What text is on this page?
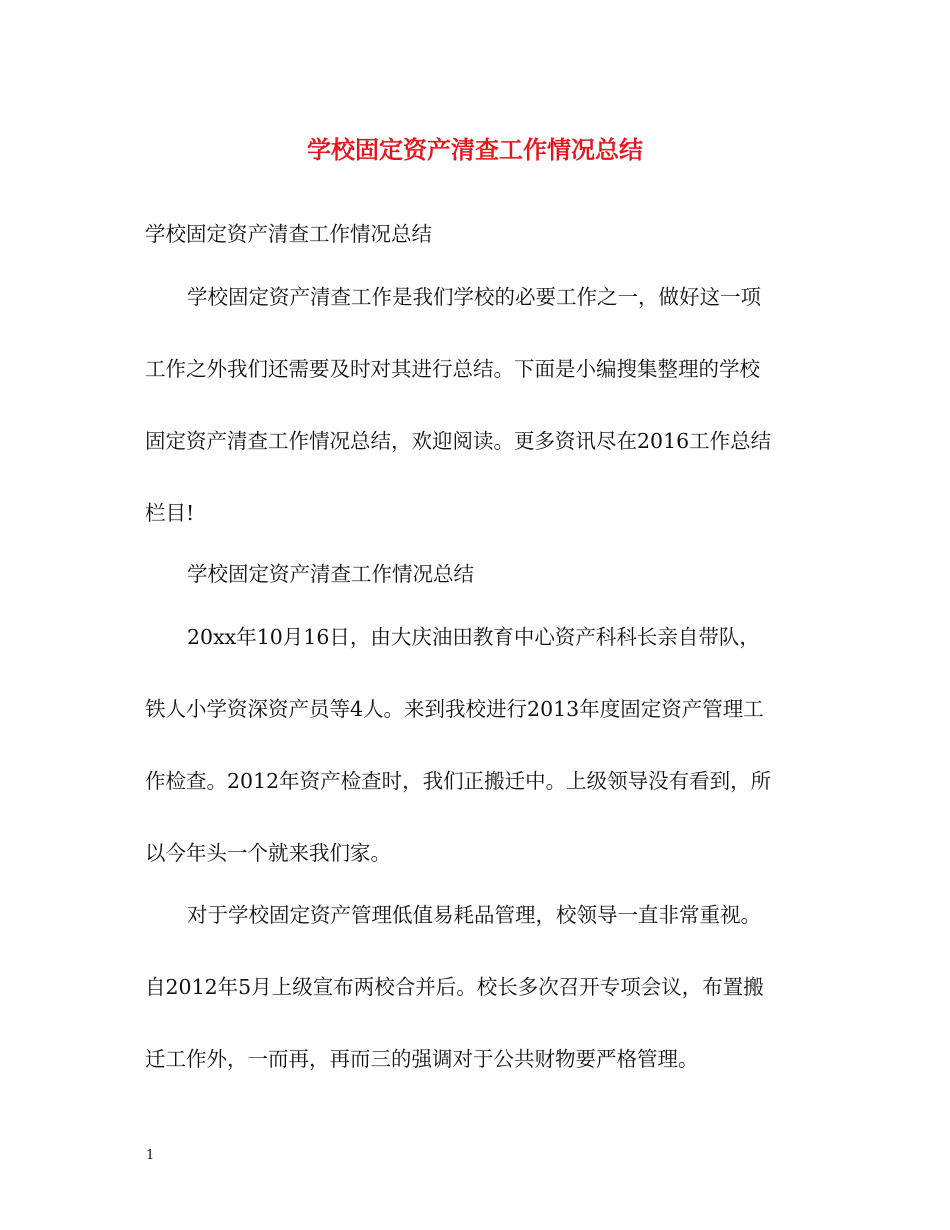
学校固定资产清查工作情况总结
学校固定资产清查工作情况总结
学校固定资产清查工作是我们学校的必要工作之一，做好这一项
工作之外我们还需要及时对其进行总结。下面是小编搜集整理的学校
固定资产清查工作情况总结，欢迎阅读。更多资讯尽在2016工作总结
栏目!
学校固定资产清查工作情况总结
20xx年10月16日，由大庆油田教育中心资产科科长亲自带队，
铁人小学资深资产员等4人。来到我校进行2013年度固定资产管理工
作检查。2012年资产检查时，我们正搬迁中。上级领导没有看到，所
以今年头一个就来我们家。
对于学校固定资产管理低值易耗品管理，校领导一直非常重视。
自2012年5月上级宣布两校合并后。校长多次召开专项会议，布置搬
迁工作外，一而再，再而三的强调对于公共财物要严格管理。
1
